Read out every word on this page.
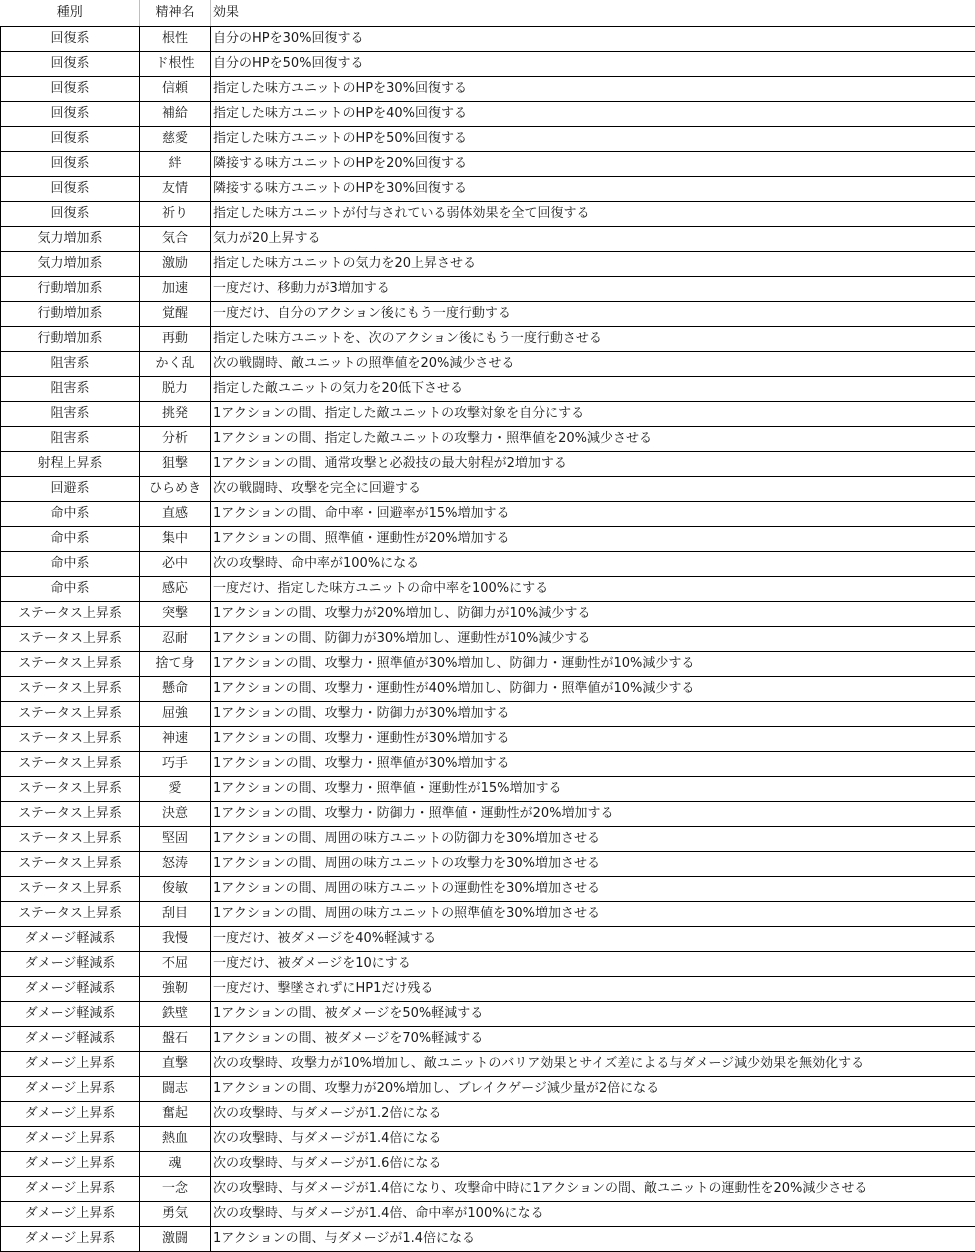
種別	精神名	効果
回復系	根性	自分のHPを30%回復する
回復系	ド根性	自分のHPを50%回復する
回復系	信頼	指定した味方ユニットのHPを30%回復する
回復系	補給	指定した味方ユニットのHPを40%回復する
回復系	慈愛	指定した味方ユニットのHPを50%回復する
回復系	絆	隣接する味方ユニットのHPを20%回復する
回復系	友情	隣接する味方ユニットのHPを30%回復する
回復系	祈り	指定した味方ユニットが付与されている弱体効果を全て回復する
気力増加系	気合	気力が20上昇する
気力増加系	激励	指定した味方ユニットの気力を20上昇させる
行動増加系	加速	一度だけ、移動力が3増加する
行動増加系	覚醒	一度だけ、自分のアクション後にもう一度行動する
行動増加系	再動	指定した味方ユニットを、次のアクション後にもう一度行動させる
阻害系	かく乱	次の戦闘時、敵ユニットの照準値を20%減少させる
阻害系	脱力	指定した敵ユニットの気力を20低下させる
阻害系	挑発	1アクションの間、指定した敵ユニットの攻撃対象を自分にする
阻害系	分析	1アクションの間、指定した敵ユニットの攻撃力・照準値を20%減少させる
射程上昇系	狙撃	1アクションの間、通常攻撃と必殺技の最大射程が2増加する
回避系	ひらめき	次の戦闘時、攻撃を完全に回避する
命中系	直感	1アクションの間、命中率・回避率が15%増加する
命中系	集中	1アクションの間、照準値・運動性が20%増加する
命中系	必中	次の攻撃時、命中率が100%になる
命中系	感応	一度だけ、指定した味方ユニットの命中率を100%にする
ステータス上昇系	突撃	1アクションの間、攻撃力が20%増加し、防御力が10%減少する
ステータス上昇系	忍耐	1アクションの間、防御力が30%増加し、運動性が10%減少する
ステータス上昇系	捨て身	1アクションの間、攻撃力・照準値が30%増加し、防御力・運動性が10%減少する
ステータス上昇系	懸命	1アクションの間、攻撃力・運動性が40%増加し、防御力・照準値が10%減少する
ステータス上昇系	屈強	1アクションの間、攻撃力・防御力が30%増加する
ステータス上昇系	神速	1アクションの間、攻撃力・運動性が30%増加する
ステータス上昇系	巧手	1アクションの間、攻撃力・照準値が30%増加する
ステータス上昇系	愛	1アクションの間、攻撃力・照準値・運動性が15%増加する
ステータス上昇系	決意	1アクションの間、攻撃力・防御力・照準値・運動性が20%増加する
ステータス上昇系	堅固	1アクションの間、周囲の味方ユニットの防御力を30%増加させる
ステータス上昇系	怒涛	1アクションの間、周囲の味方ユニットの攻撃力を30%増加させる
ステータス上昇系	俊敏	1アクションの間、周囲の味方ユニットの運動性を30%増加させる
ステータス上昇系	刮目	1アクションの間、周囲の味方ユニットの照準値を30%増加させる
ダメージ軽減系	我慢	一度だけ、被ダメージを40%軽減する
ダメージ軽減系	不屈	一度だけ、被ダメージを10にする
ダメージ軽減系	強靭	一度だけ、撃墜されずにHP1だけ残る
ダメージ軽減系	鉄壁	1アクションの間、被ダメージを50%軽減する
ダメージ軽減系	盤石	1アクションの間、被ダメージを70%軽減する
ダメージ上昇系	直撃	次の攻撃時、攻撃力が10%増加し、敵ユニットのバリア効果とサイズ差による与ダメージ減少効果を無効化する
ダメージ上昇系	闘志	1アクションの間、攻撃力が20%増加し、ブレイクゲージ減少量が2倍になる
ダメージ上昇系	奮起	次の攻撃時、与ダメージが1.2倍になる
ダメージ上昇系	熱血	次の攻撃時、与ダメージが1.4倍になる
ダメージ上昇系	魂	次の攻撃時、与ダメージが1.6倍になる
ダメージ上昇系	一念	次の攻撃時、与ダメージが1.4倍になり、攻撃命中時に1アクションの間、敵ユニットの運動性を20%減少させる
ダメージ上昇系	勇気	次の攻撃時、与ダメージが1.4倍、命中率が100%になる
ダメージ上昇系	激闘	1アクションの間、与ダメージが1.4倍になる
